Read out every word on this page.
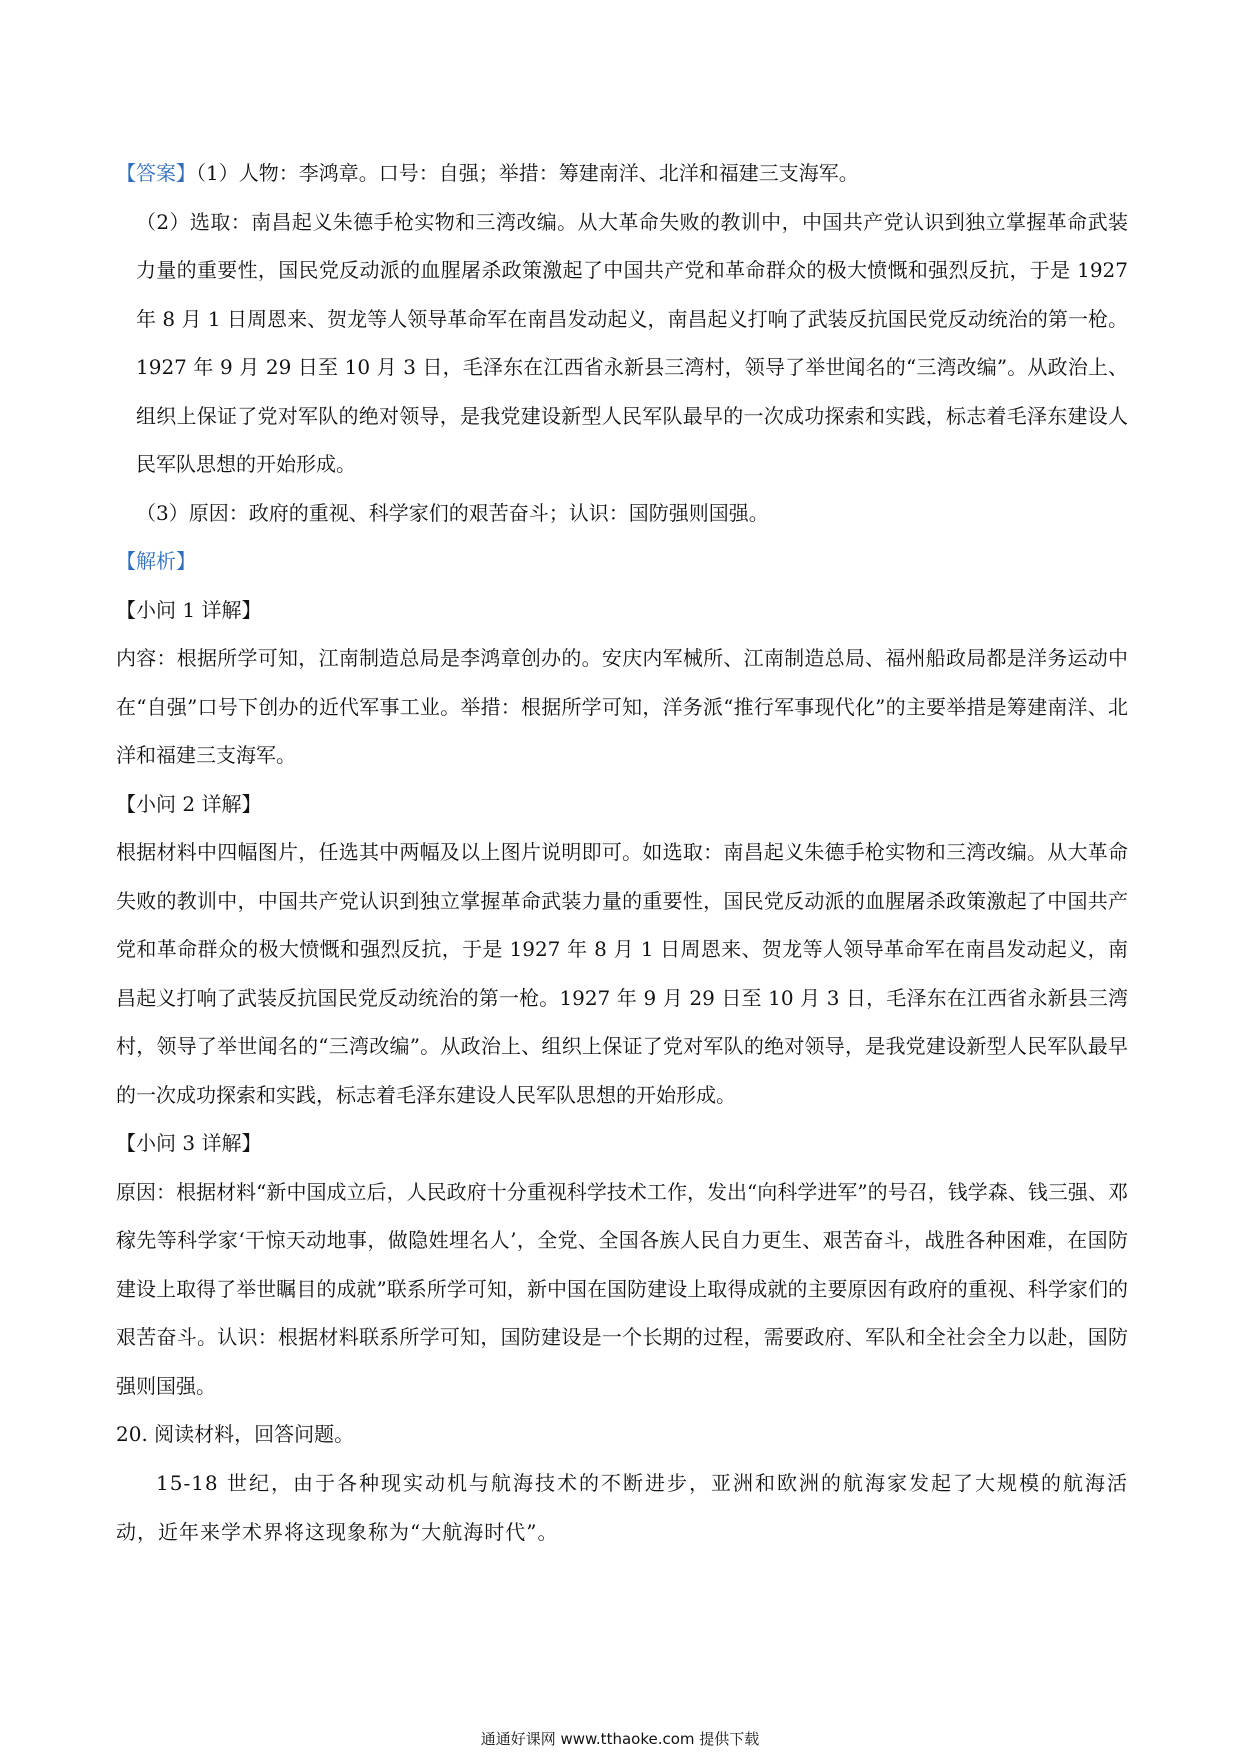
【答案】（1）人物：李鸿章。口号：自强；举措：筹建南洋、北洋和福建三支海军。

（2）选取：南昌起义朱德手枪实物和三湾改编。从大革命失败的教训中，中国共产党认识到独立掌握革命武装力量的重要性，国民党反动派的血腥屠杀政策激起了中国共产党和革命群众的极大愤慨和强烈反抗，于是 1927 年 8 月 1 日周恩来、贺龙等人领导革命军在南昌发动起义，南昌起义打响了武装反抗国民党反动统治的第一枪。1927 年 9 月 29 日至 10 月 3 日，毛泽东在江西省永新县三湾村，领导了举世闻名的“三湾改编”。从政治上、组织上保证了党对军队的绝对领导，是我党建设新型人民军队最早的一次成功探索和实践，标志着毛泽东建设人民军队思想的开始形成。

（3）原因：政府的重视、科学家们的艰苦奋斗；认识：国防强则国强。

【解析】

【小问 1 详解】

内容：根据所学可知，江南制造总局是李鸿章创办的。安庆内军械所、江南制造总局、福州船政局都是洋务运动中在“自强”口号下创办的近代军事工业。举措：根据所学可知，洋务派“推行军事现代化”的主要举措是筹建南洋、北洋和福建三支海军。

【小问 2 详解】

根据材料中四幅图片，任选其中两幅及以上图片说明即可。如选取：南昌起义朱德手枪实物和三湾改编。从大革命失败的教训中，中国共产党认识到独立掌握革命武装力量的重要性，国民党反动派的血腥屠杀政策激起了中国共产党和革命群众的极大愤慨和强烈反抗，于是 1927 年 8 月 1 日周恩来、贺龙等人领导革命军在南昌发动起义，南昌起义打响了武装反抗国民党反动统治的第一枪。1927 年 9 月 29 日至 10 月 3 日，毛泽东在江西省永新县三湾村，领导了举世闻名的“三湾改编”。从政治上、组织上保证了党对军队的绝对领导，是我党建设新型人民军队最早的一次成功探索和实践，标志着毛泽东建设人民军队思想的开始形成。

【小问 3 详解】

原因：根据材料“新中国成立后，人民政府十分重视科学技术工作，发出“向科学进军”的号召，钱学森、钱三强、邓稼先等科学家‘干惊天动地事，做隐姓埋名人’，全党、全国各族人民自力更生、艰苦奋斗，战胜各种困难，在国防建设上取得了举世瞩目的成就”联系所学可知，新中国在国防建设上取得成就的主要原因有政府的重视、科学家们的艰苦奋斗。认识：根据材料联系所学可知，国防建设是一个长期的过程，需要政府、军队和全社会全力以赴，国防强则国强。

20. 阅读材料，回答问题。

15-18 世纪，由于各种现实动机与航海技术的不断进步，亚洲和欧洲的航海家发起了大规模的航海活动，近年来学术界将这现象称为“大航海时代”。

通通好课网 www.tthaoke.com 提供下载
